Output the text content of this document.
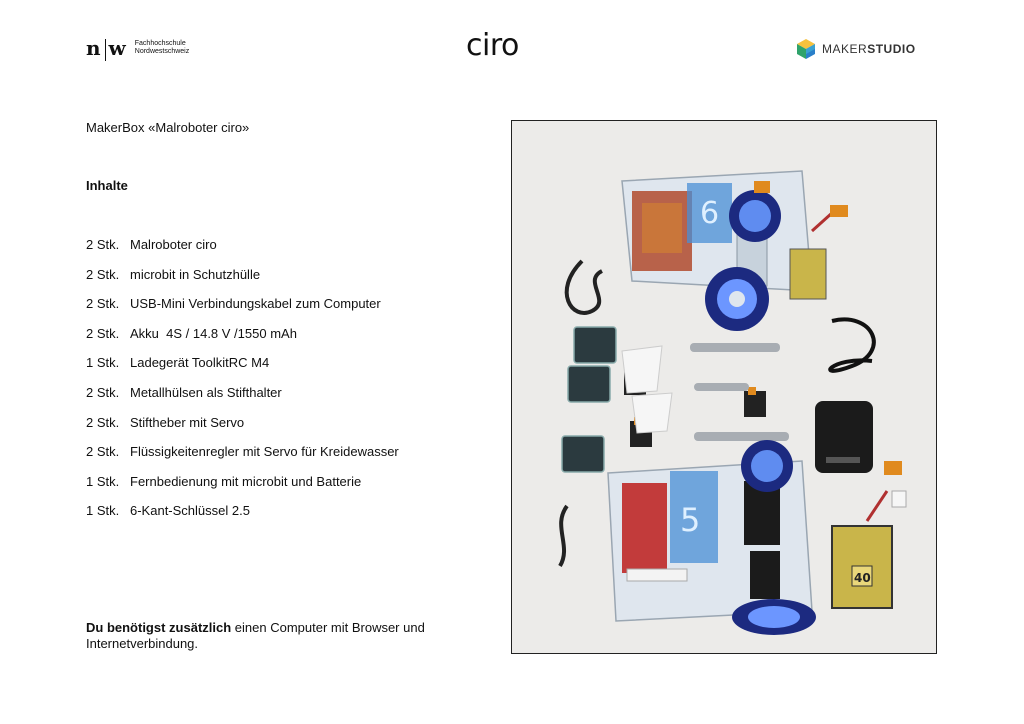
n w Fachhochschule
Nordwestschweiz	ciro	MAKERSTUDIO
MakerBox «Malroboter ciro»
Inhalte
2 Stk. Malroboter ciro
2 Stk. microbit in Schutzhülle
2 Stk. USB-Mini Verbindungskabel zum Computer
2 Stk. Akku  4S / 14.8 V /1550 mAh
1 Stk. Ladegerät ToolkitRC M4
2 Stk. Metallhülsen als Stifthalter
2 Stk. Stiftheber mit Servo
2 Stk. Flüssigkeitenregler mit Servo für Kreidewasser
1 Stk. Fernbedienung mit microbit und Batterie
1 Stk. 6-Kant-Schlüssel 2.5
Du benötigst zusätzlich einen Computer mit Browser und Internetverbindung.
6
5
40
